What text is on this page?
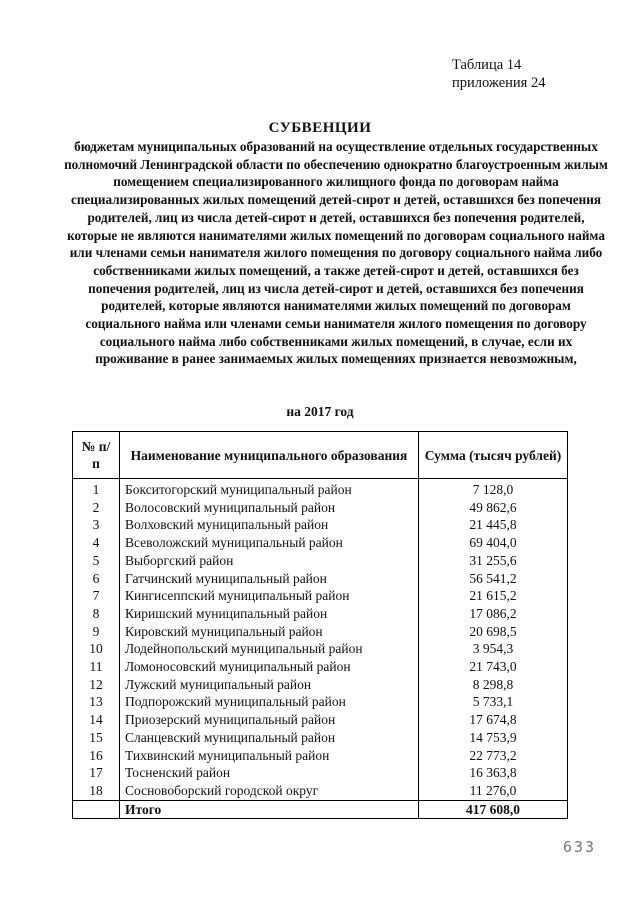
Таблица 14
приложения 24
СУБВЕНЦИИ
бюджетам муниципальных образований на осуществление отдельных государственных полномочий Ленинградской области по обеспечению однократно благоустроенным жилым помещением специализированного жилищного фонда по договорам найма специализированных жилых помещений детей-сирот и детей, оставшихся без попечения родителей, лиц из числа детей-сирот и детей, оставшихся без попечения родителей, которые не являются нанимателями жилых помещений по договорам социального найма или членами семьи нанимателя жилого помещения по договору социального найма либо собственниками жилых помещений, а также детей-сирот и детей, оставшихся без попечения родителей, лиц из числа детей-сирот и детей, оставшихся без попечения родителей, которые являются нанимателями жилых помещений по договорам социального найма или членами семьи нанимателя жилого помещения по договору социального найма либо собственниками жилых помещений, в случае, если их проживание в ранее занимаемых жилых помещениях признается невозможным,
на 2017 год
№ п/п	Наименование муниципального образования	Сумма (тысяч рублей)
1	Бокситогорский муниципальный район	7 128,0
2	Волосовский муниципальный район	49 862,6
3	Волховский муниципальный район	21 445,8
4	Всеволожский муниципальный район	69 404,0
5	Выборгский район	31 255,6
6	Гатчинский муниципальный район	56 541,2
7	Кингисеппский муниципальный район	21 615,2
8	Киришский муниципальный район	17 086,2
9	Кировский муниципальный район	20 698,5
10	Лодейнопольский муниципальный район	3 954,3
11	Ломоносовский муниципальный район	21 743,0
12	Лужский муниципальный район	8 298,8
13	Подпорожский муниципальный район	5 733,1
14	Приозерский муниципальный район	17 674,8
15	Сланцевский муниципальный район	14 753,9
16	Тихвинский муниципальный район	22 773,2
17	Тосненский район	16 363,8
18	Сосновоборский городской округ	11 276,0
	Итого	417 608,0
633
